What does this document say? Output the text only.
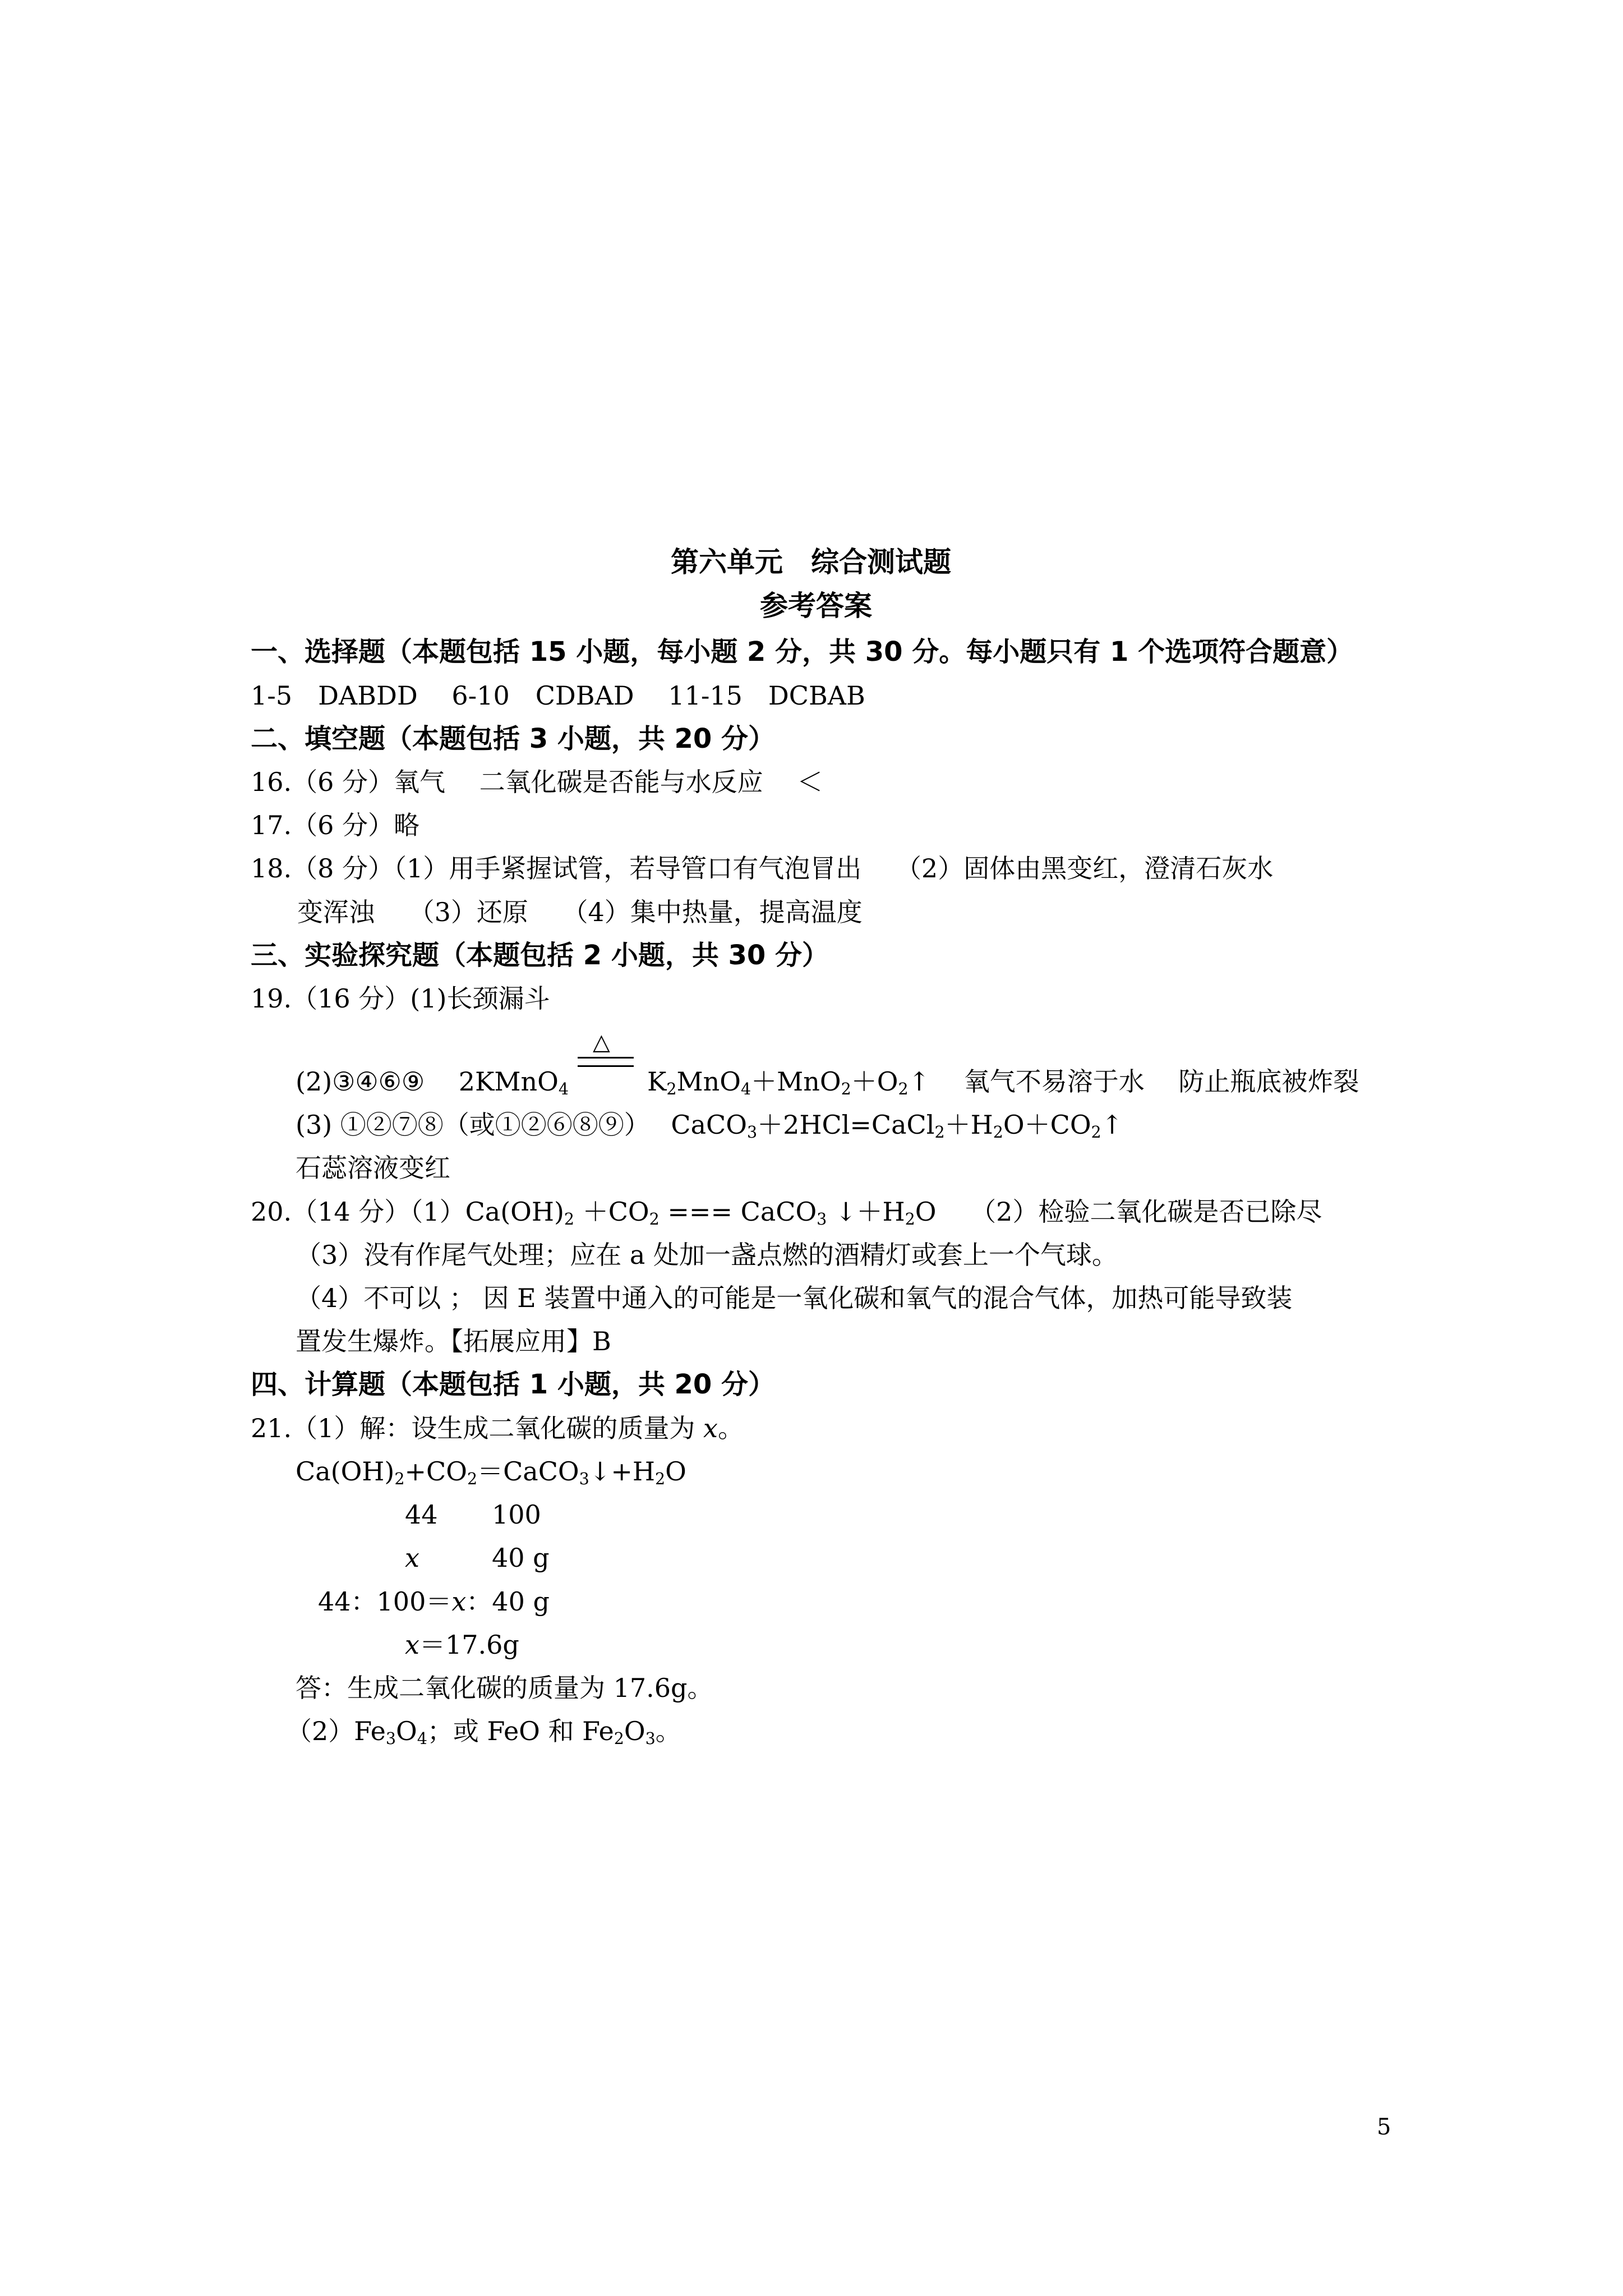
第六单元　综合测试题
参考答案
一、选择题（本题包括 15 小题，每小题 2 分，共 30 分。每小题只有 1 个选项符合题意）
1-5　DABDD　 6-10　CDBAD　 11-15　DCBAB
二、填空题（本题包括 3 小题，共 20 分）
16.（6 分）氧气　 二氧化碳是否能与水反应　 ＜
17.（6 分）略
18.（8 分）（1）用手紧握试管，若导管口有气泡冒出　 （2）固体由黑变红，澄清石灰水
变浑浊　 （3）还原　 （4）集中热量，提高温度
三、实验探究题（本题包括 2 小题，共 30 分）
19.（16 分）(1)长颈漏斗
△
(2)③④⑥⑨　 2KMnO$_4$	$K_2MnO_4+MnO_2+O_2↑$　 氧气不易溶于水　 防止瓶底被炸裂
(3) ①②⑦⑧（或①②⑥⑧⑨）　 $CaCO_3+2HCl=CaCl_2+H_2O+CO_2↑$
石蕊溶液变红
20.（14 分）$(1)Ca(OH)_2 +CO_2$ === CaCO$_3$ $↓+H_2O$　 （2）检验二氧化碳是否已除尽
（3）没有作尾气处理；应在 a 处加一盏点燃的酒精灯或套上一个气球。
（4）不可以 ； 因 E 装置中通入的可能是一氧化碳和氧气的混合气体，加热可能导致装
置发生爆炸。【拓展应用】B
四、计算题（本题包括 1 小题，共 20 分）
21.（1）解：设生成二氧化碳的质量为 x。
$Ca(OH)_2+CO_2=CaCO_3↓+H_2O$
44 100
x	40 g
44：100＝x：40 g
x＝17.6g
答：生成二氧化碳的质量为 17.6g。
$(2)Fe_3O_4$；或 FeO 和 $Fe_2O_3$。
5
